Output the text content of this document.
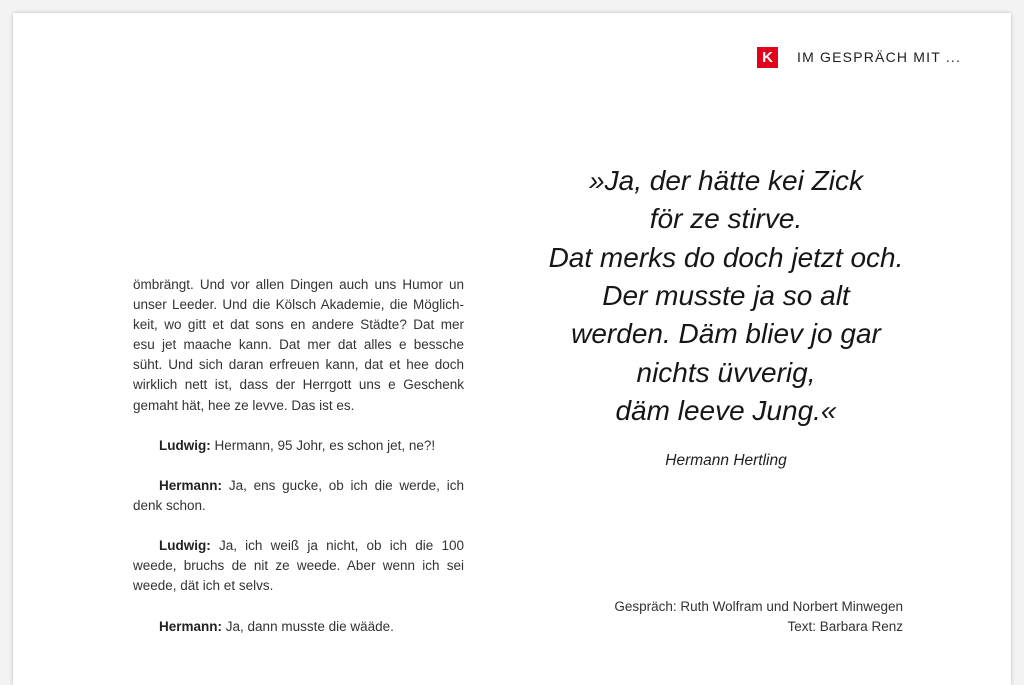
K	IM GESPRÄCH MIT ...
ömbrängt. Und vor allen Dingen auch uns Humor un
unser Leeder. Und die Kölsch Akademie, die Möglich-
keit, wo gitt et dat sons en andere Städte? Dat mer
esu jet maache kann. Dat mer dat alles e bessche
süht. Und sich daran erfreuen kann, dat et hee doch
wirklich nett ist, dass der Herrgott uns e Geschenk
gemaht hät, hee ze levve. Das ist es.
Ludwig: Hermann, 95 Johr, es schon jet, ne?!
Hermann: Ja, ens gucke, ob ich die werde, ich
denk schon.
Ludwig: Ja, ich weiß ja nicht, ob ich die 100
weede, bruchs de nit ze weede. Aber wenn ich sei
weede, dät ich et selvs.
Hermann: Ja, dann musste die wääde.
»Ja, der hätte kei Zick
för ze stirve.
Dat merks do doch jetzt och.
Der musste ja so alt
werden. Däm bliev jo gar
nichts üvverig,
däm leeve Jung.«
Hermann Hertling
Gespräch: Ruth Wolfram und Norbert Minwegen
Text: Barbara Renz
